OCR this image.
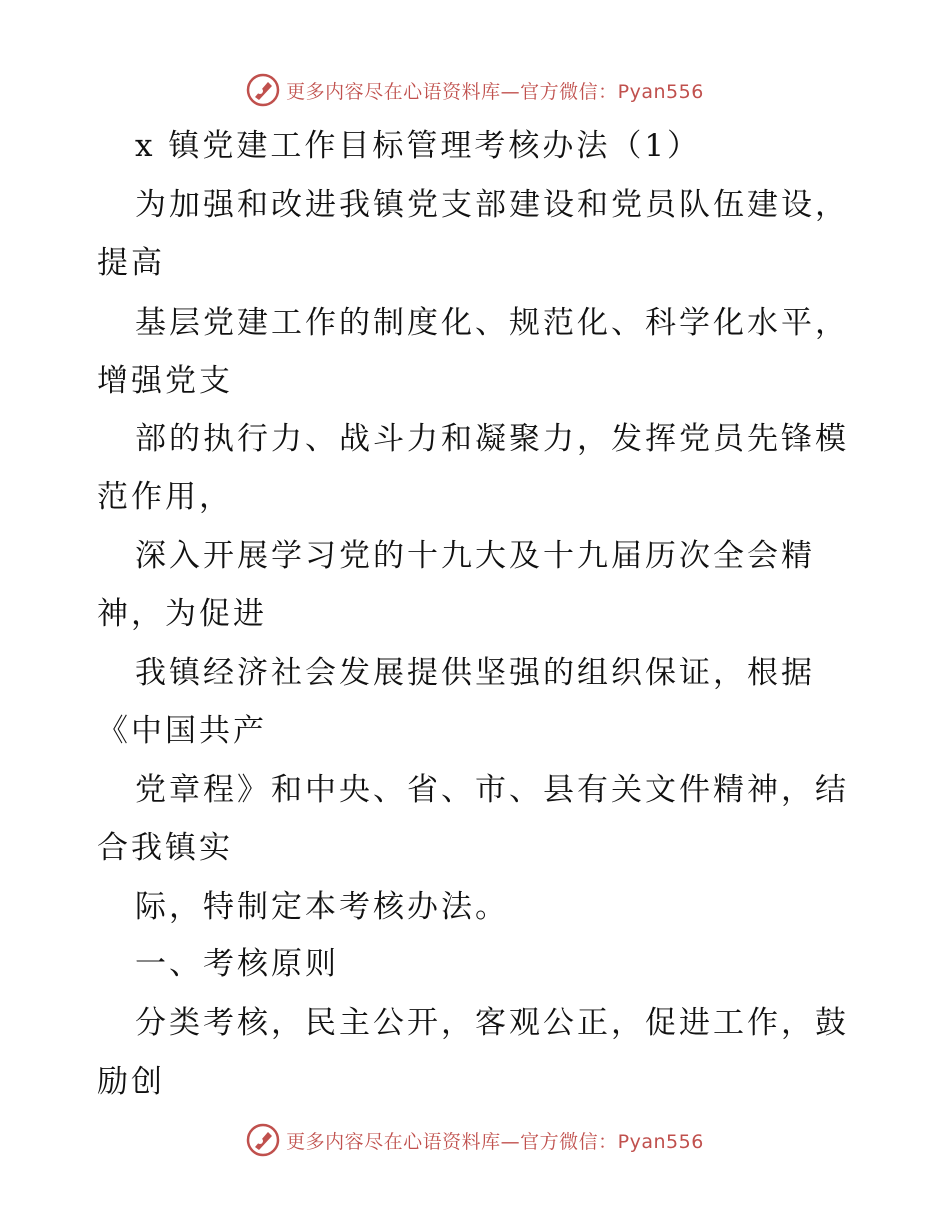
更多内容尽在心语资料库—官方微信：Pyan556
x 镇党建工作目标管理考核办法（1）
为加强和改进我镇党支部建设和党员队伍建设，
提高
基层党建工作的制度化、规范化、科学化水平，
增强党支
部的执行力、战斗力和凝聚力，发挥党员先锋模
范作用，
深入开展学习党的十九大及十九届历次全会精
神，为促进
我镇经济社会发展提供坚强的组织保证，根据
《中国共产
党章程》和中央、省、市、县有关文件精神，结
合我镇实
际，特制定本考核办法。
一、考核原则
分类考核，民主公开，客观公正，促进工作，鼓
励创
更多内容尽在心语资料库—官方微信：Pyan556
